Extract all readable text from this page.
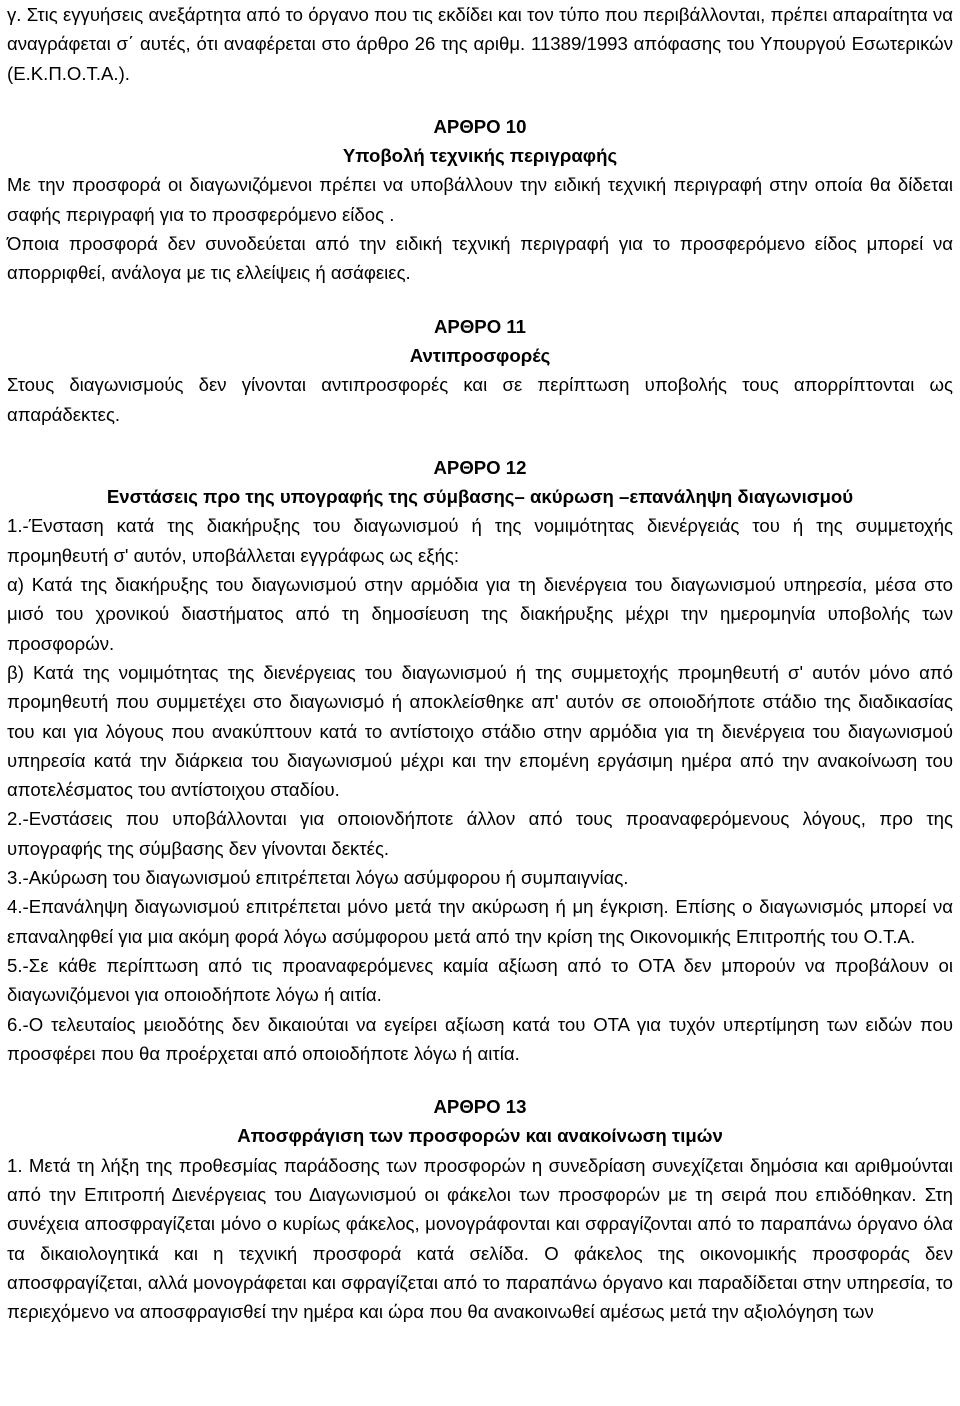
γ. Στις εγγυήσεις ανεξάρτητα από το όργανο που τις εκδίδει και τον τύπο που περιβάλλονται, πρέπει απαραίτητα να αναγράφεται σ΄ αυτές, ότι αναφέρεται στο άρθρο 26 της αριθμ. 11389/1993 απόφασης του Υπουργού Εσωτερικών (Ε.Κ.Π.Ο.Τ.Α.).

ΑΡΘΡΟ 10
Υποβολή τεχνικής περιγραφής

Με την προσφορά οι διαγωνιζόμενοι πρέπει να υποβάλλουν την ειδική τεχνική περιγραφή στην οποία θα δίδεται σαφής περιγραφή για το προσφερόμενο είδος .

Όποια προσφορά δεν συνοδεύεται από την ειδική τεχνική περιγραφή για το προσφερόμενο είδος μπορεί να απορριφθεί, ανάλογα με τις ελλείψεις ή ασάφειες.

ΑΡΘΡΟ 11
Αντιπροσφορές

Στους διαγωνισμούς δεν γίνονται αντιπροσφορές και σε περίπτωση υποβολής τους απορρίπτονται ως απαράδεκτες.

ΑΡΘΡΟ 12
Ενστάσεις προ της υπογραφής της σύμβασης– ακύρωση –επανάληψη διαγωνισμού

1.-Ένσταση κατά της διακήρυξης του διαγωνισμού ή της νομιμότητας διενέργειάς του ή της συμμετοχής προμηθευτή σ' αυτόν, υποβάλλεται εγγράφως ως εξής:

α) Κατά της διακήρυξης του διαγωνισμού στην αρμόδια για τη διενέργεια του διαγωνισμού υπηρεσία, μέσα στο μισό του χρονικού διαστήματος από τη δημοσίευση της διακήρυξης μέχρι την ημερομηνία υποβολής των προσφορών.

β) Κατά της νομιμότητας της διενέργειας του διαγωνισμού ή της συμμετοχής προμηθευτή σ' αυτόν μόνο από προμηθευτή που συμμετέχει στο διαγωνισμό ή αποκλείσθηκε απ' αυτόν σε οποιοδήποτε στάδιο της διαδικασίας του και για λόγους που ανακύπτουν κατά το αντίστοιχο στάδιο στην αρμόδια για τη διενέργεια του διαγωνισμού υπηρεσία κατά την διάρκεια του διαγωνισμού μέχρι και την επομένη εργάσιμη ημέρα από την ανακοίνωση του αποτελέσματος του αντίστοιχου σταδίου.

2.-Ενστάσεις που υποβάλλονται για οποιονδήποτε άλλον από τους προαναφερόμενους λόγους, προ της υπογραφής της σύμβασης δεν γίνονται δεκτές.

3.-Ακύρωση του διαγωνισμού επιτρέπεται λόγω ασύμφορου ή συμπαιγνίας.

4.-Επανάληψη διαγωνισμού επιτρέπεται μόνο μετά την ακύρωση ή μη έγκριση. Επίσης ο διαγωνισμός μπορεί να επαναληφθεί για μια ακόμη φορά λόγω ασύμφορου μετά από την κρίση της Οικονομικής Επιτροπής του Ο.Τ.Α.

5.-Σε κάθε περίπτωση από τις προαναφερόμενες καμία αξίωση από το ΟΤΑ δεν μπορούν να προβάλουν οι διαγωνιζόμενοι για οποιοδήποτε λόγω ή αιτία.

6.-Ο τελευταίος μειοδότης δεν δικαιούται να εγείρει αξίωση κατά του ΟΤΑ για τυχόν υπερτίμηση των ειδών που προσφέρει που θα προέρχεται από οποιοδήποτε λόγω ή αιτία.

ΑΡΘΡΟ 13
Αποσφράγιση των προσφορών και ανακοίνωση τιμών

1. Μετά τη λήξη της προθεσμίας παράδοσης των προσφορών η συνεδρίαση συνεχίζεται δημόσια και αριθμούνται από την Επιτροπή Διενέργειας του Διαγωνισμού οι φάκελοι των προσφορών με τη σειρά που επιδόθηκαν. Στη συνέχεια αποσφραγίζεται μόνο ο κυρίως φάκελος, μονογράφονται και σφραγίζονται από το παραπάνω όργανο όλα τα δικαιολογητικά και η τεχνική προσφορά κατά σελίδα. Ο φάκελος της οικονομικής προσφοράς δεν αποσφραγίζεται, αλλά μονογράφεται και σφραγίζεται από το παραπάνω όργανο και παραδίδεται στην υπηρεσία, το περιεχόμενο να αποσφραγισθεί την ημέρα και ώρα που θα ανακοινωθεί αμέσως μετά την αξιολόγηση των
